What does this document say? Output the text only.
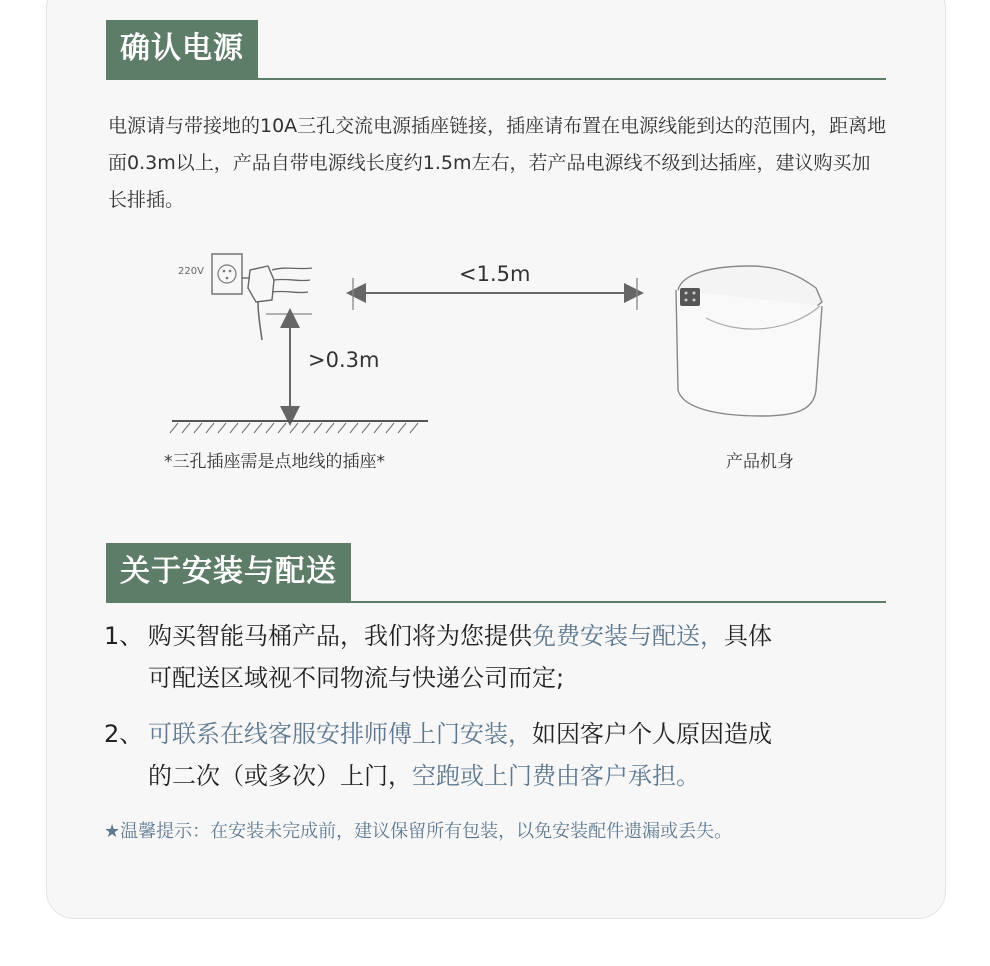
确认电源

电源请与带接地的10A三孔交流电源插座链接，插座请布置在电源线能到达的范围内，距离地面0.3m以上，产品自带电源线长度约1.5m左右，若产品电源线不级到达插座，建议购买加长排插。

220V	<1.5m
>0.3m
*三孔插座需是点地线的插座*	产品机身
关于安装与配送

1、 购买智能马桶产品，我们将为您提供免费安装与配送，具体
可配送区域视不同物流与快递公司而定;

2、 可联系在线客服安排师傅上门安装，如因客户个人原因造成
的二次（或多次）上门，空跑或上门费由客户承担。

★温馨提示：在安装未完成前，建议保留所有包装，以免安装配件遗漏或丢失。
